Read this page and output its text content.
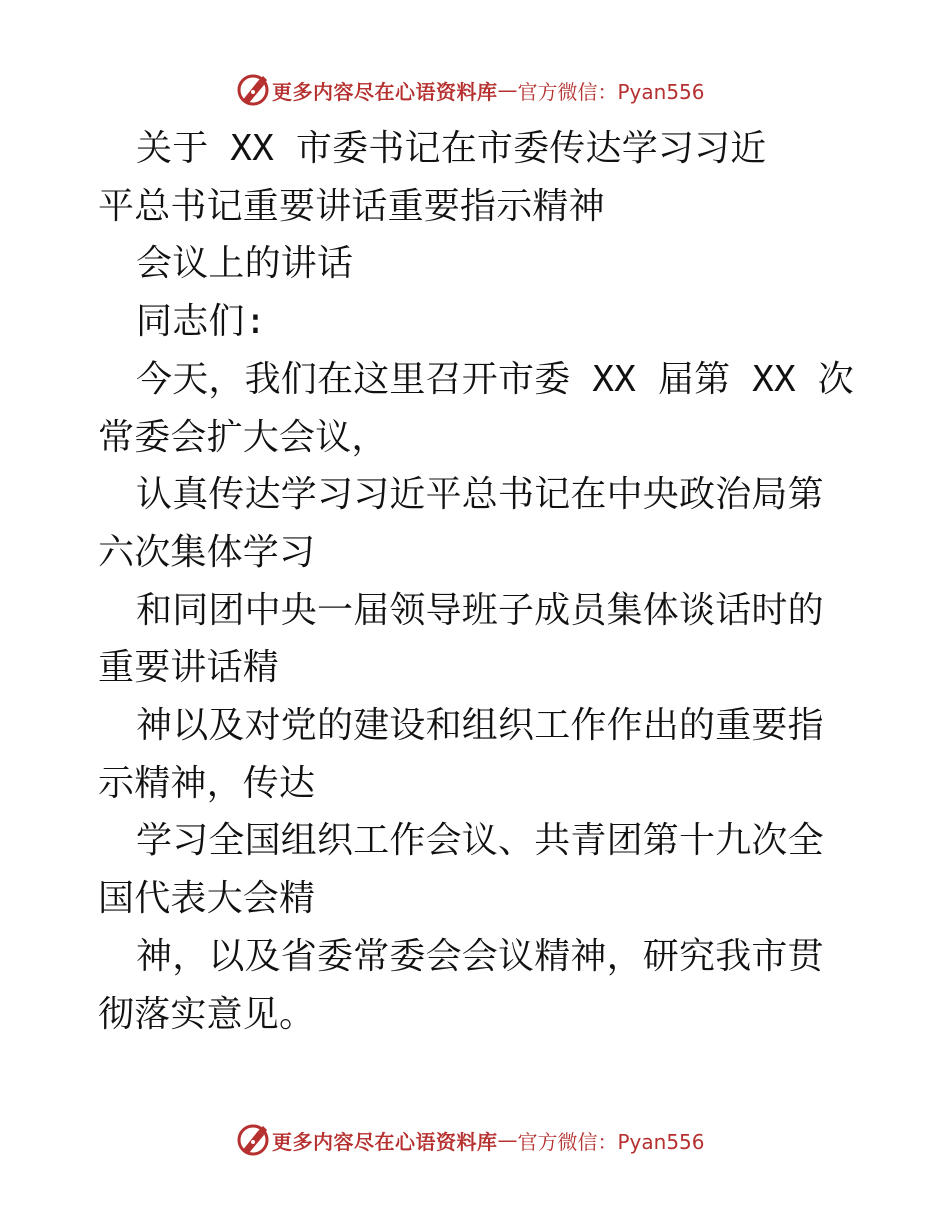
更多内容尽在心语资料库 — 官方微信：Pyan556

关于 XX 市委书记在市委传达学习习近平总书记重要讲话重要指示精神

会议上的讲话

同志们:

今天，我们在这里召开市委 XX 届第 XX 次常委会扩大会议，

认真传达学习习近平总书记在中央政治局第六次集体学习

和同团中央一届领导班子成员集体谈话时的重要讲话精

神以及对党的建设和组织工作作出的重要指示精神，传达

学习全国组织工作会议、共青团第十九次全国代表大会精

神，以及省委常委会会议精神，研究我市贯彻落实意见。

更多内容尽在心语资料库 — 官方微信：Pyan556
